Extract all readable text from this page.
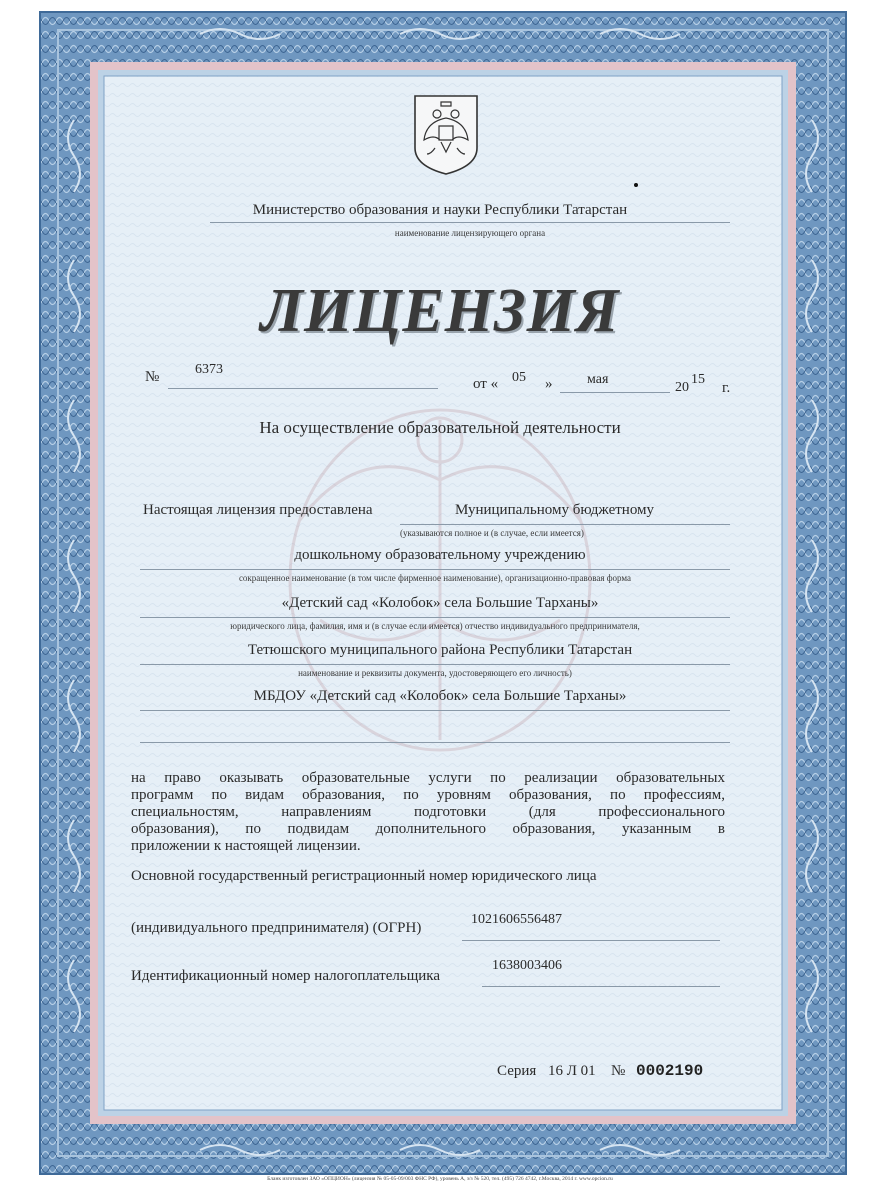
Министерство образования и науки Республики Татарстан
наименование лицензирующего органа
ЛИЦЕНЗИЯ
№	6373
от « 05 » мая
20
15
г.
На осуществление образовательной деятельности
Настоящая лицензия предоставлена	Муниципальному бюджетному
(указываются полное и (в случае, если имеется)
дошкольному образовательному учреждению
сокращенное наименование (в том числе фирменное наименование), организационно-правовая форма
«Детский сад «Колобок» села Большие Тарханы»
юридического лица, фамилия, имя и (в случае если имеется) отчество индивидуального предпринимателя,
Тетюшского муниципального района Республики Татарстан
наименование и реквизиты документа, удостоверяющего его личность)
МБДОУ «Детский сад «Колобок» села Большие Тарханы»
на право оказывать образовательные услуги по реализации образовательных
программ по видам образования, по уровням образования, по профессиям,
специальностям, направлениям подготовки (для профессионального
образования), по подвидам дополнительного образования, указанным в
приложении к настоящей лицензии.
Основной государственный регистрационный номер юридического лица
(индивидуального предпринимателя) (ОГРН)
1021606556487
Идентификационный номер налогоплательщика
1638003406
Серия 16 Л 01 № 0002190
Бланк изготовлен ЗАО «ОПЦИОН» (лицензия № 05-05-09/003 ФНС РФ), уровень А, з/з № 520, тел. (495) 726 4742, г.Москва, 2014 г. www.opcion.ru
